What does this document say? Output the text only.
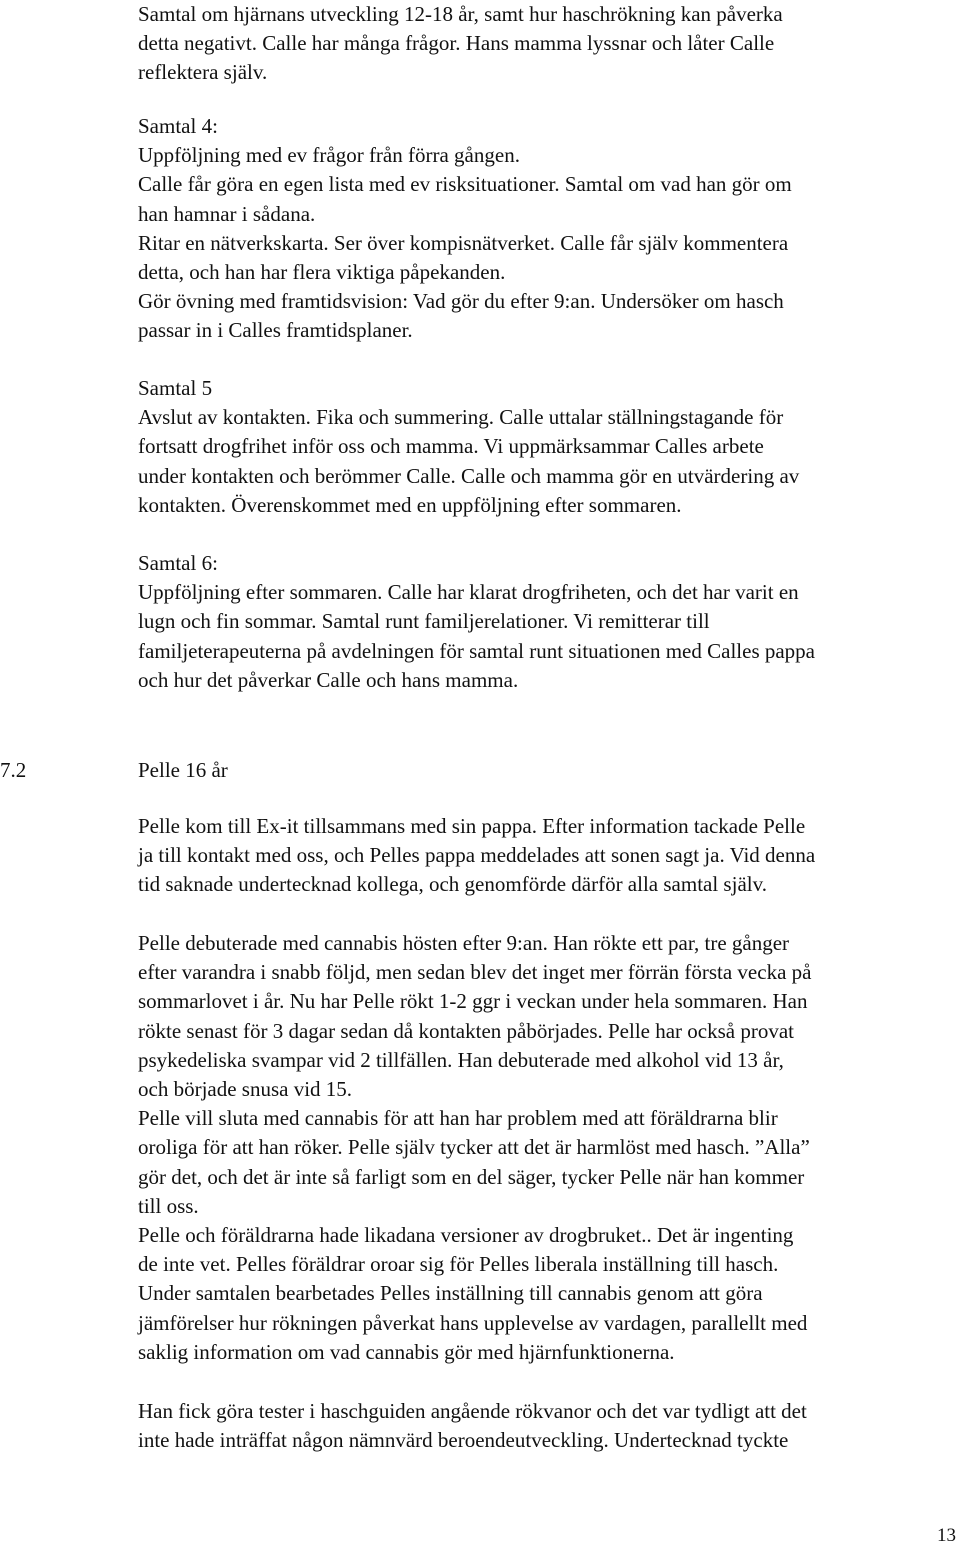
Samtal om hjärnans utveckling 12-18 år, samt hur haschrökning kan påverka
detta negativt. Calle har många frågor. Hans mamma lyssnar och låter Calle
reflektera själv.

Samtal 4:
Uppföljning med ev frågor från förra gången.
Calle får göra en egen lista med ev risksituationer. Samtal om vad han gör om
han hamnar i sådana.
Ritar en nätverkskarta. Ser över kompisnätverket. Calle får själv kommentera
detta, och han har flera viktiga påpekanden.
Gör övning med framtidsvision: Vad gör du efter 9:an. Undersöker om hasch
passar in i Calles framtidsplaner.

Samtal 5
Avslut av kontakten. Fika och summering. Calle uttalar ställningstagande för
fortsatt drogfrihet inför oss och mamma. Vi uppmärksammar Calles arbete
under kontakten och berömmer Calle. Calle och mamma gör en utvärdering av
kontakten. Överenskommet med en uppföljning efter sommaren.

Samtal 6:
Uppföljning efter sommaren. Calle har klarat drogfriheten, och det har varit en
lugn och fin sommar. Samtal runt familjerelationer. Vi remitterar till
familjeterapeuterna på avdelningen för samtal runt situationen med Calles pappa
och hur det påverkar Calle och hans mamma.

7.2	Pelle 16 år

Pelle kom till Ex-it tillsammans med sin pappa. Efter information tackade Pelle
ja till kontakt med oss, och Pelles pappa meddelades att sonen sagt ja. Vid denna
tid saknade undertecknad kollega, och genomförde därför alla samtal själv.

Pelle debuterade med cannabis hösten efter 9:an. Han rökte ett par, tre gånger
efter varandra i snabb följd, men sedan blev det inget mer förrän första vecka på
sommarlovet i år. Nu har Pelle rökt 1-2 ggr i veckan under hela sommaren. Han
rökte senast för 3 dagar sedan då kontakten påbörjades. Pelle har också provat
psykedeliska svampar vid 2 tillfällen. Han debuterade med alkohol vid 13 år,
och började snusa vid 15.
Pelle vill sluta med cannabis för att han har problem med att föräldrarna blir
oroliga för att han röker. Pelle själv tycker att det är harmlöst med hasch. ”Alla”
gör det, och det är inte så farligt som en del säger, tycker Pelle när han kommer
till oss.
Pelle och föräldrarna hade likadana versioner av drogbruket.. Det är ingenting
de inte vet. Pelles föräldrar oroar sig för Pelles liberala inställning till hasch.
Under samtalen bearbetades Pelles inställning till cannabis genom att göra
jämförelser hur rökningen påverkat hans upplevelse av vardagen, parallellt med
saklig information om vad cannabis gör med hjärnfunktionerna.

Han fick göra tester i haschguiden angående rökvanor och det var tydligt att det
inte hade inträffat någon nämnvärd beroendeutveckling. Undertecknad tyckte

13
